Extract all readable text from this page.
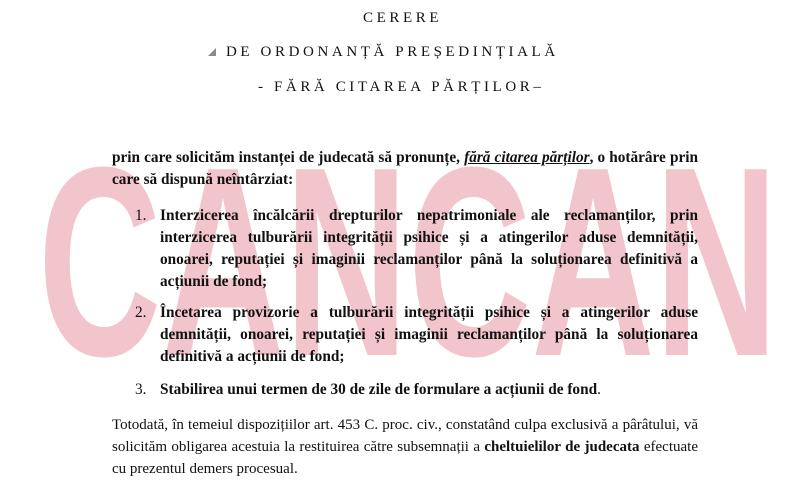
CANCAN
CERERE
DE ORDONANȚĂ PREȘEDINȚIALĂ
- FĂRĂ CITAREA PĂRȚILOR–
prin care solicităm instanței de judecată să pronunțe, fără citarea părților, o hotărâre prin care să dispună neîntârziat:
1. Interzicerea încălcării drepturilor nepatrimoniale ale reclamanților, prin interzicerea tulburării integrității psihice și a atingerilor aduse demnității, onoarei, reputației și imaginii reclamanților până la soluționarea definitivă a acțiunii de fond;
2. Încetarea provizorie a tulburării integrității psihice și a atingerilor aduse demnității, onoarei, reputației și imaginii reclamanților până la soluționarea definitivă a acțiunii de fond;
3. Stabilirea unui termen de 30 de zile de formulare a acțiunii de fond.
Totodată, în temeiul dispozițiilor art. 453 C. proc. civ., constatând culpa exclusivă a pârâtului, vă solicităm obligarea acestuia la restituirea către subsemnații a cheltuielilor de judecata efectuate cu prezentul demers procesual.
